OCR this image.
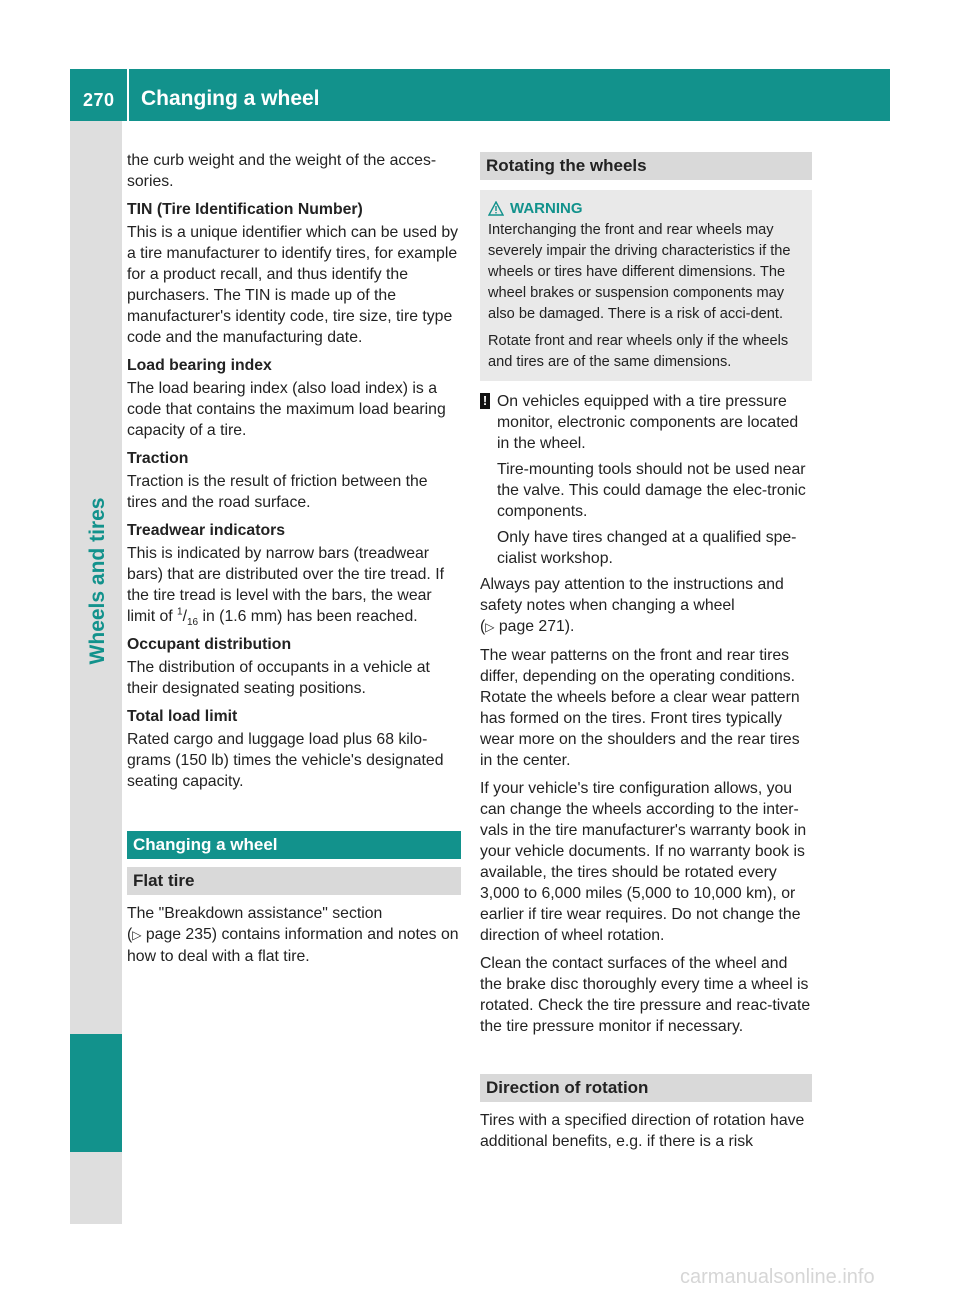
270 Changing a wheel
Wheels and tires

the curb weight and the weight of the acces-sories.

TIN (Tire Identification Number)

This is a unique identifier which can be used by a tire manufacturer to identify tires, for example for a product recall, and thus identify the purchasers. The TIN is made up of the manufacturer's identity code, tire size, tire type code and the manufacturing date.

Load bearing index

The load bearing index (also load index) is a code that contains the maximum load bearing capacity of a tire.

Traction

Traction is the result of friction between the tires and the road surface.

Treadwear indicators

This is indicated by narrow bars (treadwear bars) that are distributed over the tire tread. If the tire tread is level with the bars, the wear limit of $^1/_{16}$ in (1.6 mm) has been reached.

Occupant distribution

The distribution of occupants in a vehicle at their designated seating positions.

Total load limit

Rated cargo and luggage load plus 68 kilo-grams (150 lb) times the vehicle's designated seating capacity.

Changing a wheel
Flat tire

The "Breakdown assistance" section
(▷ page 235) contains information and notes on how to deal with a flat tire.

Rotating the wheels
WARNING

Interchanging the front and rear wheels may severely impair the driving characteristics if the wheels or tires have different dimensions. The wheel brakes or suspension components may also be damaged. There is a risk of acci-dent.

Rotate front and rear wheels only if the wheels and tires are of the same dimensions.

! On vehicles equipped with a tire pressure monitor, electronic components are located in the wheel.

Tire-mounting tools should not be used near the valve. This could damage the elec-tronic components.

Only have tires changed at a qualified spe-cialist workshop.

Always pay attention to the instructions and safety notes when changing a wheel
(▷ page 271).

The wear patterns on the front and rear tires differ, depending on the operating conditions. Rotate the wheels before a clear wear pattern has formed on the tires. Front tires typically wear more on the shoulders and the rear tires in the center.

If your vehicle's tire configuration allows, you can change the wheels according to the inter-vals in the tire manufacturer's warranty book in your vehicle documents. If no warranty book is available, the tires should be rotated every 3,000 to 6,000 miles (5,000 to 10,000 km), or earlier if tire wear requires. Do not change the direction of wheel rotation.

Clean the contact surfaces of the wheel and the brake disc thoroughly every time a wheel is rotated. Check the tire pressure and reac-tivate the tire pressure monitor if necessary.

Direction of rotation

Tires with a specified direction of rotation have additional benefits, e.g. if there is a risk

carmanualsonline.info
